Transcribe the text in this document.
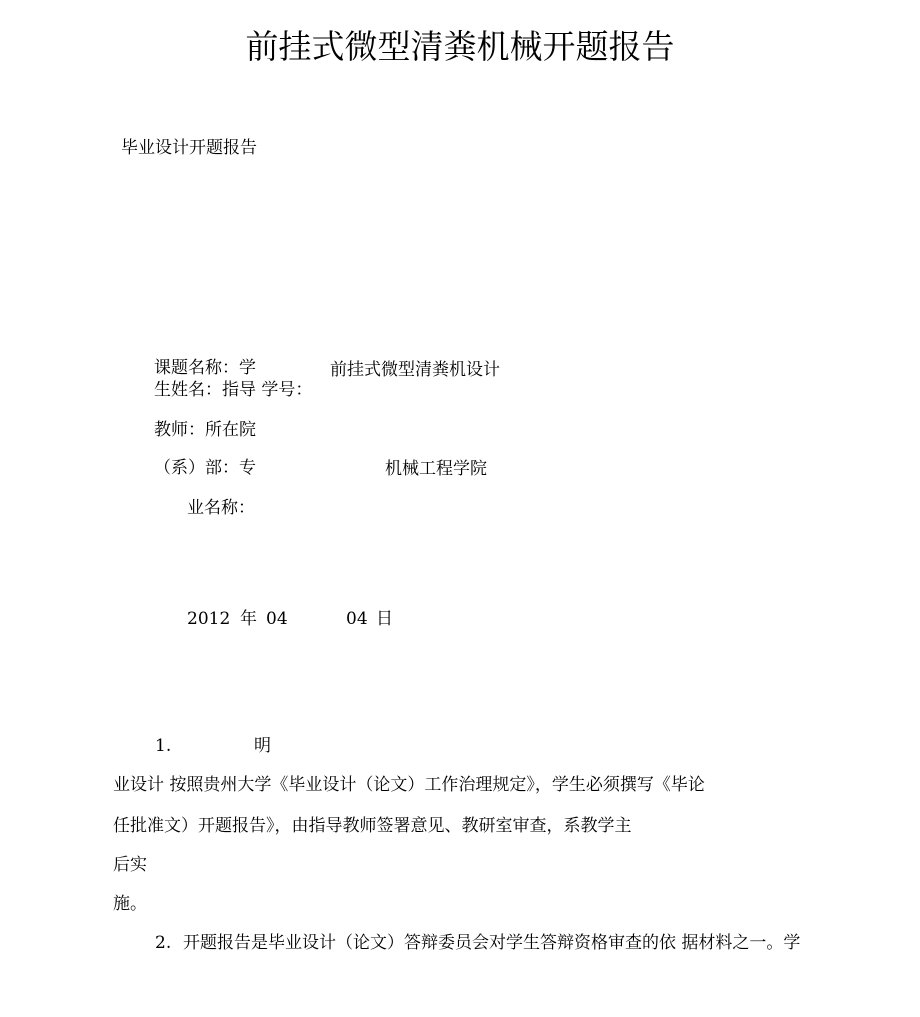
前挂式微型清粪机械开题报告
毕业设计开题报告
课题名称：学	前挂式微型清粪机设计
生姓名：指导 学号：
教师：所在院
（系）部：专	机械工程学院
业名称：
2012 年 04	04 日
1.	明
业设计 按照贵州大学《毕业设计（论文）工作治理规定》，学生必须撰写《毕论
任批准文）开题报告》，由指导教师签署意见、教研室审查，系教学主
后实
施。
2. 开题报告是毕业设计（论文）答辩委员会对学生答辩资格审查的依 据材料之一。学
